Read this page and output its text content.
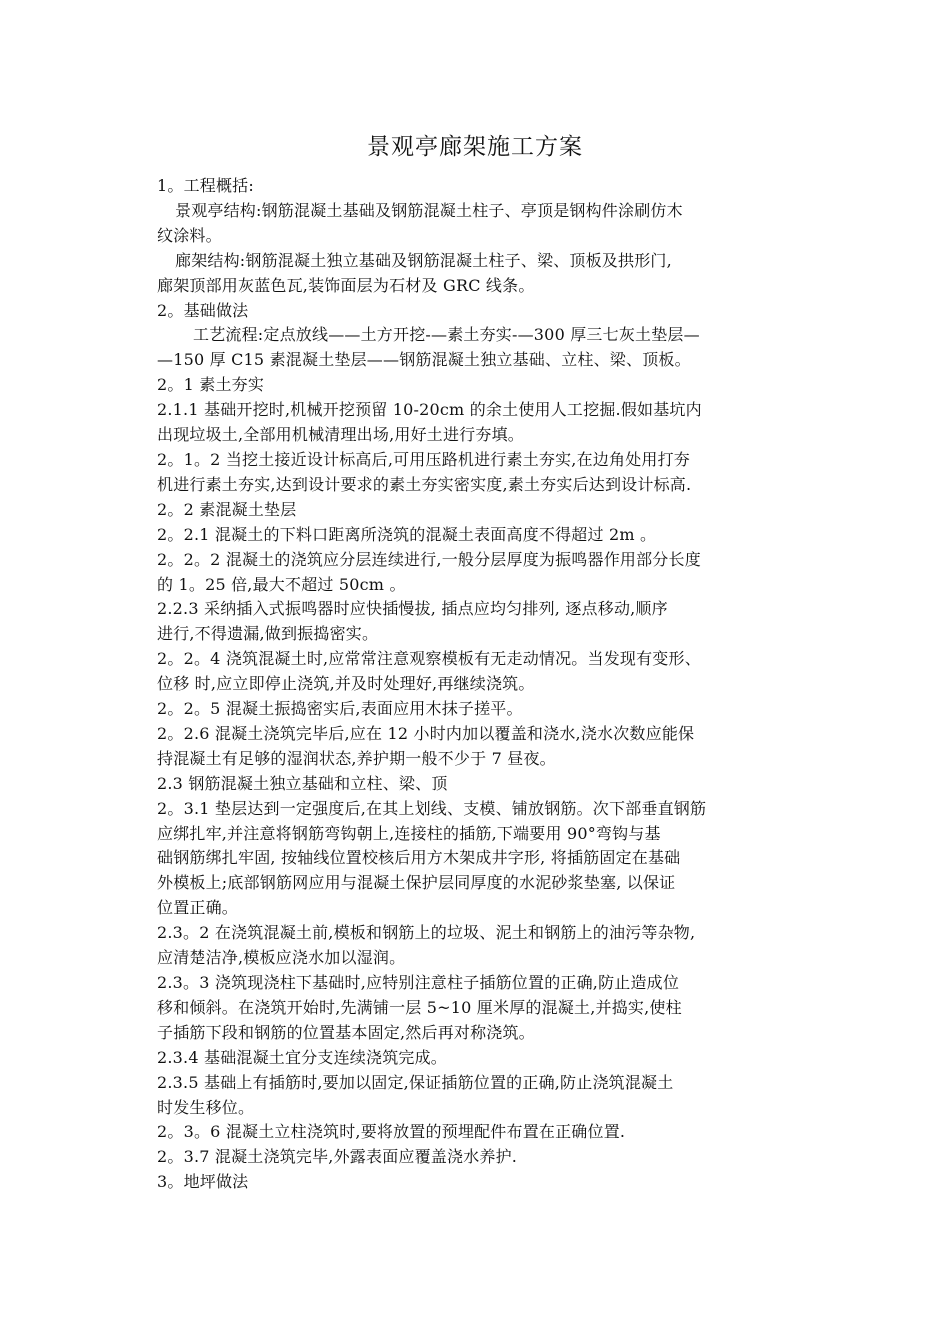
景观亭廊架施工方案

1。工程概括:

景观亭结构:钢筋混凝土基础及钢筋混凝土柱子、亭顶是钢构件涂刷仿木

纹涂料。

廊架结构:钢筋混凝土独立基础及钢筋混凝土柱子、梁、顶板及拱形门,

廊架顶部用灰蓝色瓦,装饰面层为石材及 GRC 线条。

2。基础做法

工艺流程:定点放线——土方开挖-—素土夯实-—300 厚三七灰土垫层—

—150 厚 C15 素混凝土垫层——钢筋混凝土独立基础、立柱、梁、顶板。

2。1 素土夯实

2.1.1 基础开挖时,机械开挖预留 10-20cm 的余土使用人工挖掘.假如基坑内

出现垃圾土,全部用机械清理出场,用好土进行夯填。

2。1。2 当挖土接近设计标高后,可用压路机进行素土夯实,在边角处用打夯

机进行素土夯实,达到设计要求的素土夯实密实度,素土夯实后达到设计标高.

2。2 素混凝土垫层

2。2.1 混凝土的下料口距离所浇筑的混凝土表面高度不得超过 2m 。

2。2。2 混凝土的浇筑应分层连续进行,一般分层厚度为振鸣器作用部分长度

的 1。25 倍,最大不超过 50cm 。

2.2.3 采纳插入式振鸣器时应快插慢拔, 插点应均匀排列, 逐点移动,顺序

进行,不得遗漏,做到振捣密实。

2。2。4 浇筑混凝土时,应常常注意观察模板有无走动情况。当发现有变形、

位移 时,应立即停止浇筑,并及时处理好,再继续浇筑。

2。2。5 混凝土振捣密实后,表面应用木抹子搓平。

2。2.6 混凝土浇筑完毕后,应在 12 小时内加以覆盖和浇水,浇水次数应能保

持混凝土有足够的湿润状态,养护期一般不少于 7 昼夜。

2.3 钢筋混凝土独立基础和立柱、梁、顶

2。3.1 垫层达到一定强度后,在其上划线、支模、铺放钢筋。次下部垂直钢筋

应绑扎牢,并注意将钢筋弯钩朝上,连接柱的插筋,下端要用 90°弯钩与基

础钢筋绑扎牢固, 按轴线位置校核后用方木架成井字形, 将插筋固定在基础

外模板上;底部钢筋网应用与混凝土保护层同厚度的水泥砂浆垫塞, 以保证

位置正确。

2.3。2 在浇筑混凝土前,模板和钢筋上的垃圾、泥土和钢筋上的油污等杂物,

应清楚洁净,模板应浇水加以湿润。

2.3。3 浇筑现浇柱下基础时,应特别注意柱子插筋位置的正确,防止造成位

移和倾斜。在浇筑开始时,先满铺一层 5~10 厘米厚的混凝土,并捣实,使柱

子插筋下段和钢筋的位置基本固定,然后再对称浇筑。

2.3.4 基础混凝土宜分支连续浇筑完成。

2.3.5 基础上有插筋时,要加以固定,保证插筋位置的正确,防止浇筑混凝土

时发生移位。

2。3。6 混凝土立柱浇筑时,要将放置的预埋配件布置在正确位置.

2。3.7 混凝土浇筑完毕,外露表面应覆盖浇水养护.

3。地坪做法
